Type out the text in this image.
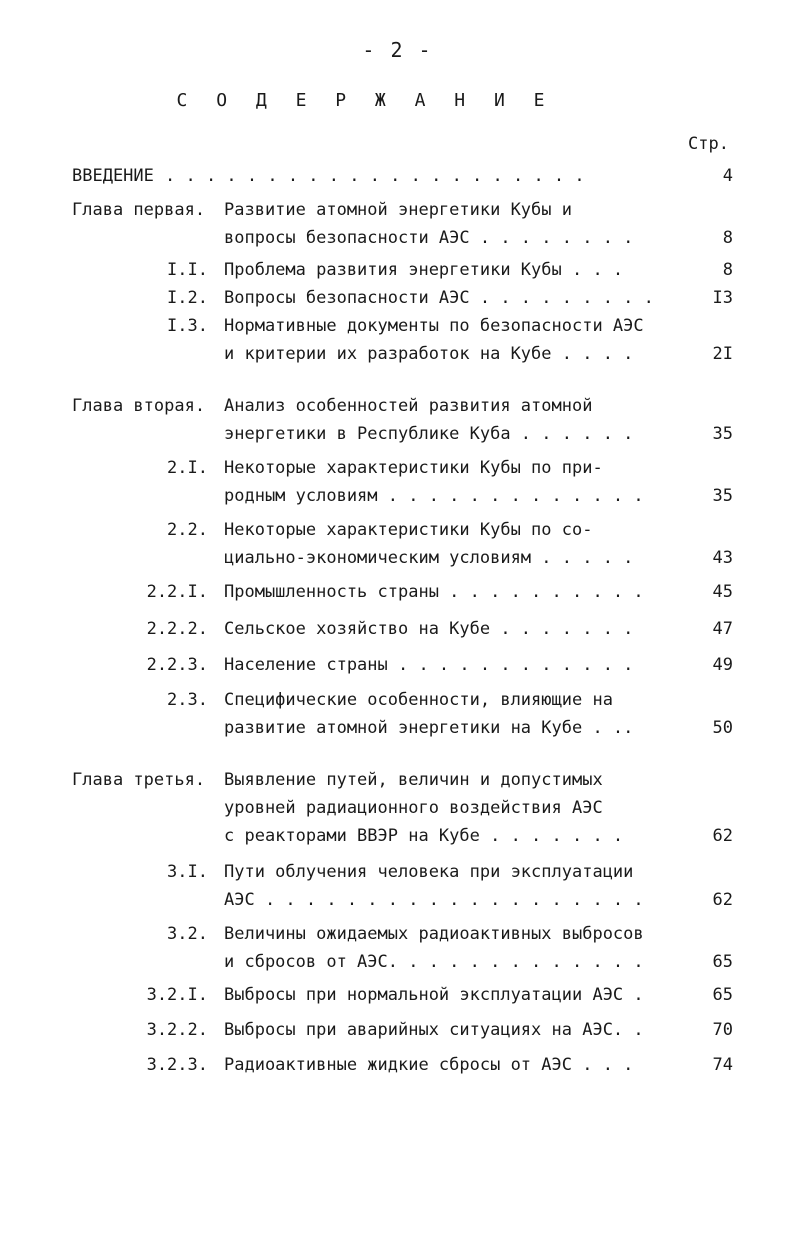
- 2 -
С О Д Е Р Ж А Н И Е
Стр.
ВВЕДЕНИЕ . . . . . . . . . . . . . . . . . . . . .	4
Глава первая. Развитие атомной энергетики Кубы и
вопросы безопасности АЭС . . . . . . . .	8
I.I. Проблема развития энергетики Кубы . . .	8
I.2. Вопросы безопасности АЭС . . . . . . . . .	I3
I.3. Нормативные документы по безопасности АЭС
и критерии их разработок на Кубе . . . .	2I
Глава вторая. Анализ особенностей развития атомной
энергетики в Республике Куба . . . . . .	35
2.I. Некоторые характеристики Кубы по при-
родным условиям . . . . . . . . . . . . .	35
2.2. Некоторые характеристики Кубы по со-
циально-экономическим условиям . . . . .	43
2.2.I. Промышленность страны . . . . . . . . . .	45
2.2.2. Сельское хозяйство на Кубе . . . . . . .	47
2.2.3. Население страны . . . . . . . . . . . .	49
2.3. Специфические особенности, влияющие на
развитие атомной энергетики на Кубе . ..	50
Глава третья. Выявление путей, величин и допустимых
уровней радиационного воздействия АЭС
с реакторами ВВЭР на Кубе . . . . . . .	62
3.I. Пути облучения человека при эксплуатации
АЭС . . . . . . . . . . . . . . . . . . .	62
3.2. Величины ожидаемых радиоактивных выбросов
и сбросов от АЭС. . . . . . . . . . . . .	65
3.2.I. Выбросы при нормальной эксплуатации АЭС .	65
3.2.2. Выбросы при аварийных ситуациях на АЭС. .	70
3.2.3. Радиоактивные жидкие сбросы от АЭС . . .	74
